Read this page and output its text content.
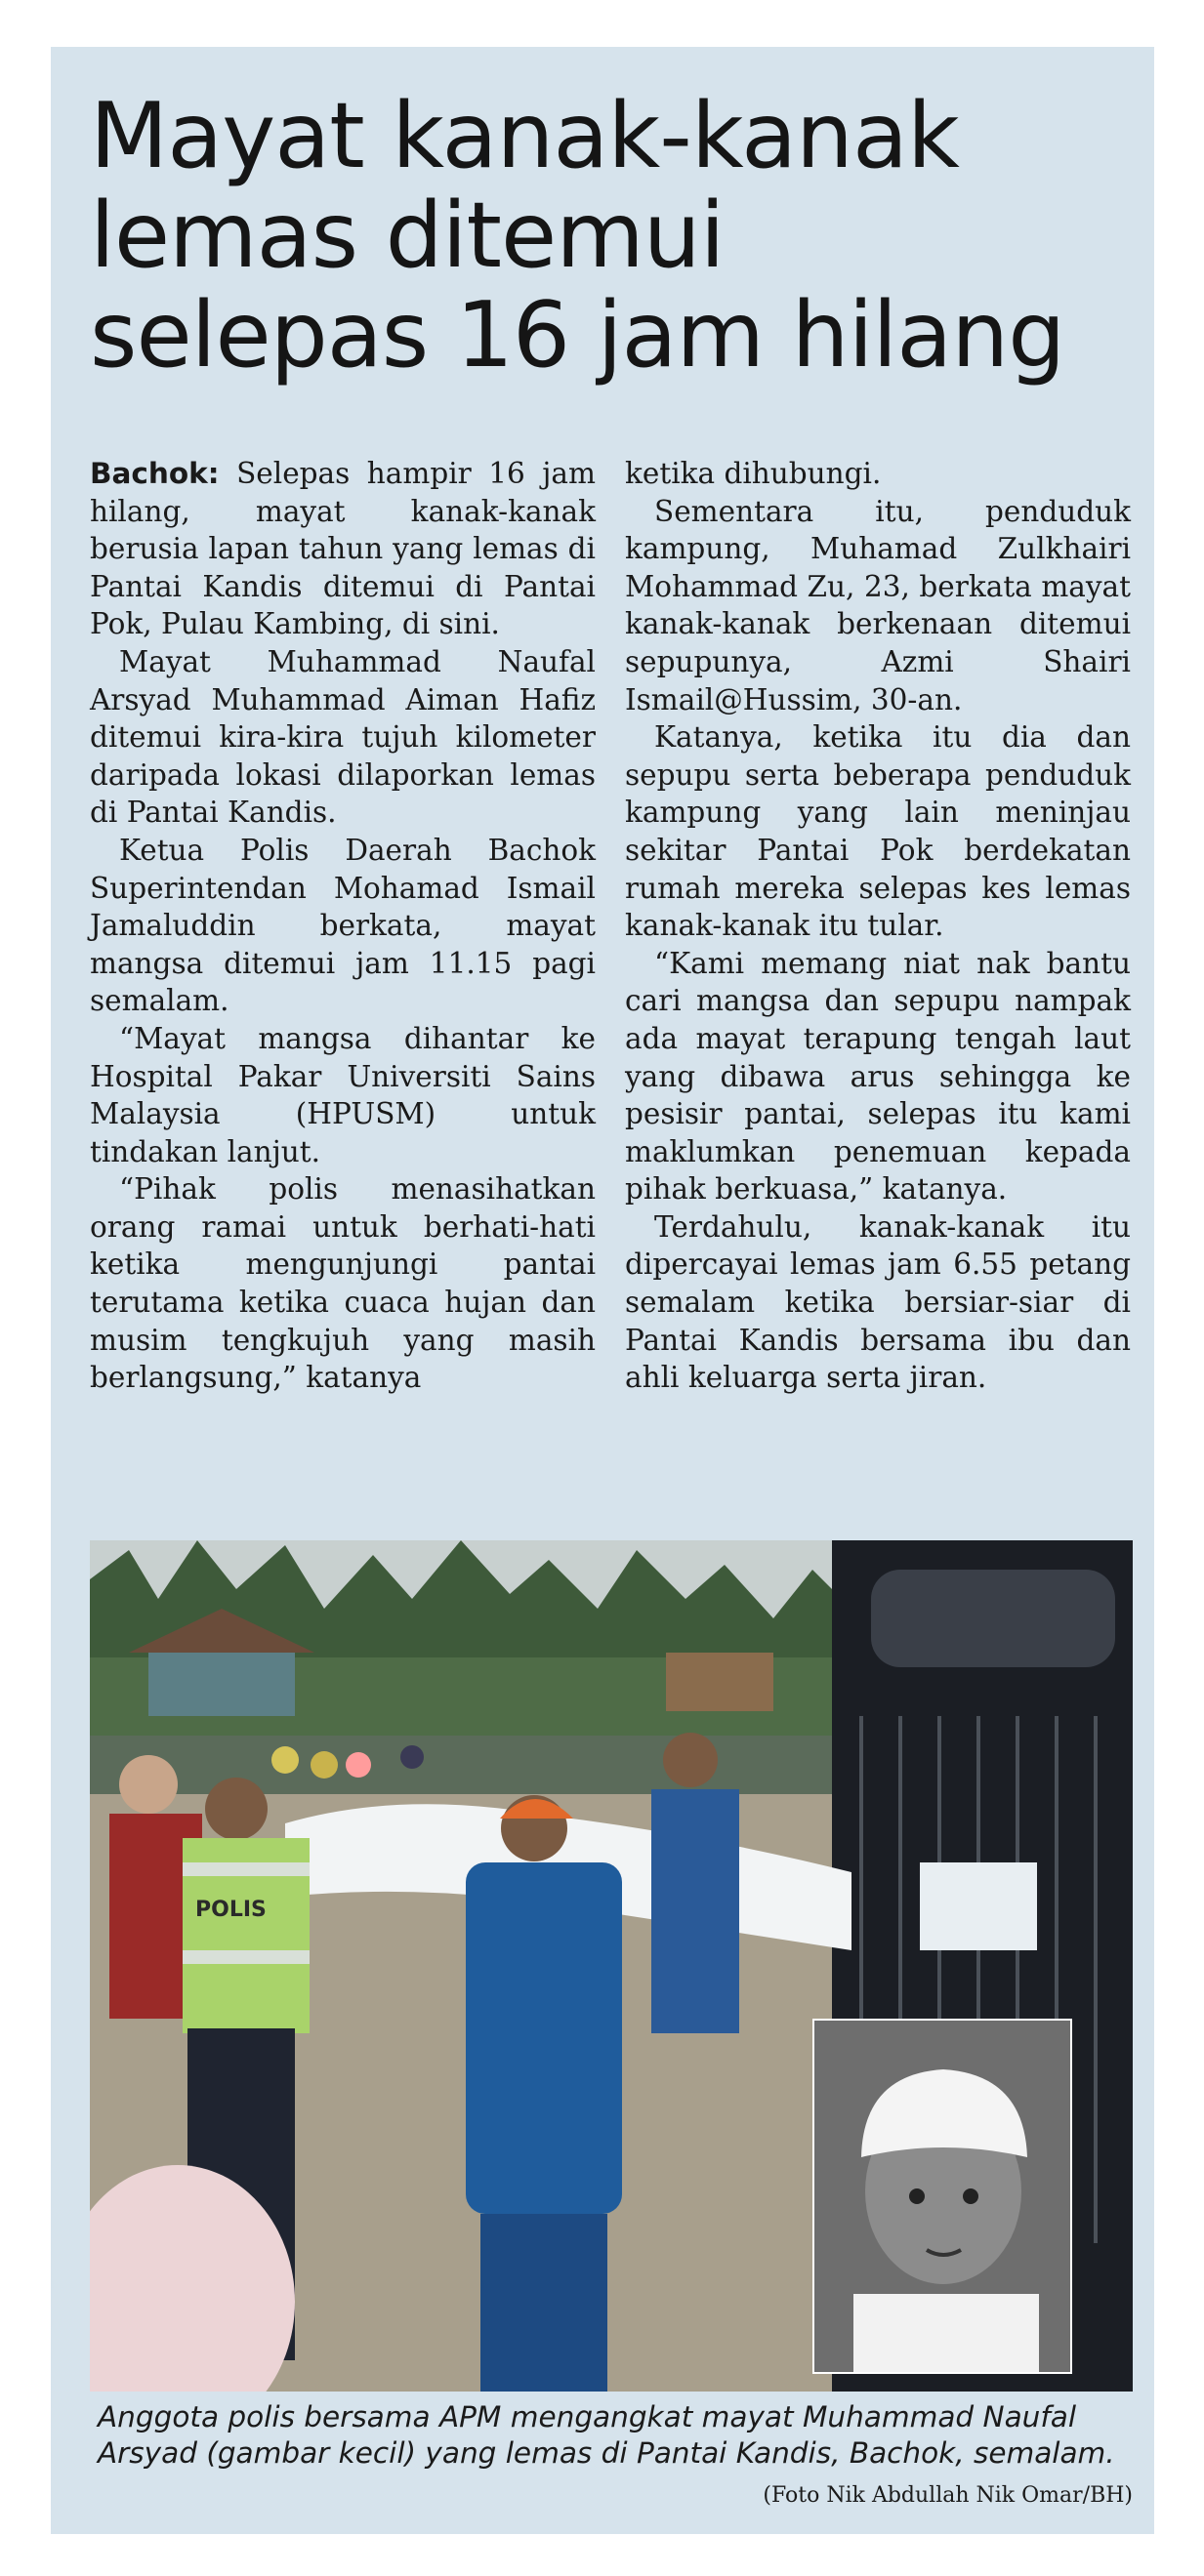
Mayat kanak-kanak
lemas ditemui
selepas 16 jam hilang

Bachok: Selepas hampir 16 jam hilang, mayat kanak-kanak berusia lapan tahun yang lemas di Pantai Kandis ditemui di Pantai Pok, Pulau Kambing, di sini.

Mayat Muhammad Naufal Arsyad Muhammad Aiman Hafiz ditemui kira-kira tujuh kilometer daripada lokasi dilaporkan lemas di Pantai Kandis.

Ketua Polis Daerah Bachok Superintendan Mohamad Ismail Jamaluddin berkata, mayat mangsa ditemui jam 11.15 pagi semalam.

“Mayat mangsa dihantar ke Hospital Pakar Universiti Sains Malaysia (HPUSM) untuk tindakan lanjut.

“Pihak polis menasihatkan orang ramai untuk berhati-hati ketika mengunjungi pantai terutama ketika cuaca hujan dan musim tengkujuh yang masih berlangsung,” katanya

ketika dihubungi.

Sementara itu, penduduk kampung, Muhamad Zulkhairi Mohammad Zu, 23, berkata mayat kanak-kanak berkenaan ditemui sepupunya, Azmi Shairi Ismail@Hussim, 30-an.

Katanya, ketika itu dia dan sepupu serta beberapa penduduk kampung yang lain meninjau sekitar Pantai Pok berdekatan rumah mereka selepas kes lemas kanak-kanak itu tular.

“Kami memang niat nak bantu cari mangsa dan sepupu nampak ada mayat terapung tengah laut yang dibawa arus sehingga ke pesisir pantai, selepas itu kami maklumkan penemuan kepada pihak berkuasa,” katanya.

Terdahulu, kanak-kanak itu dipercayai lemas jam 6.55 petang semalam ketika bersiar-siar di Pantai Kandis bersama ibu dan ahli keluarga serta jiran.

POLIS

Anggota polis bersama APM mengangkat mayat Muhammad Naufal Arsyad (gambar kecil) yang lemas di Pantai Kandis, Bachok, semalam.

(Foto Nik Abdullah Nik Omar/BH)
